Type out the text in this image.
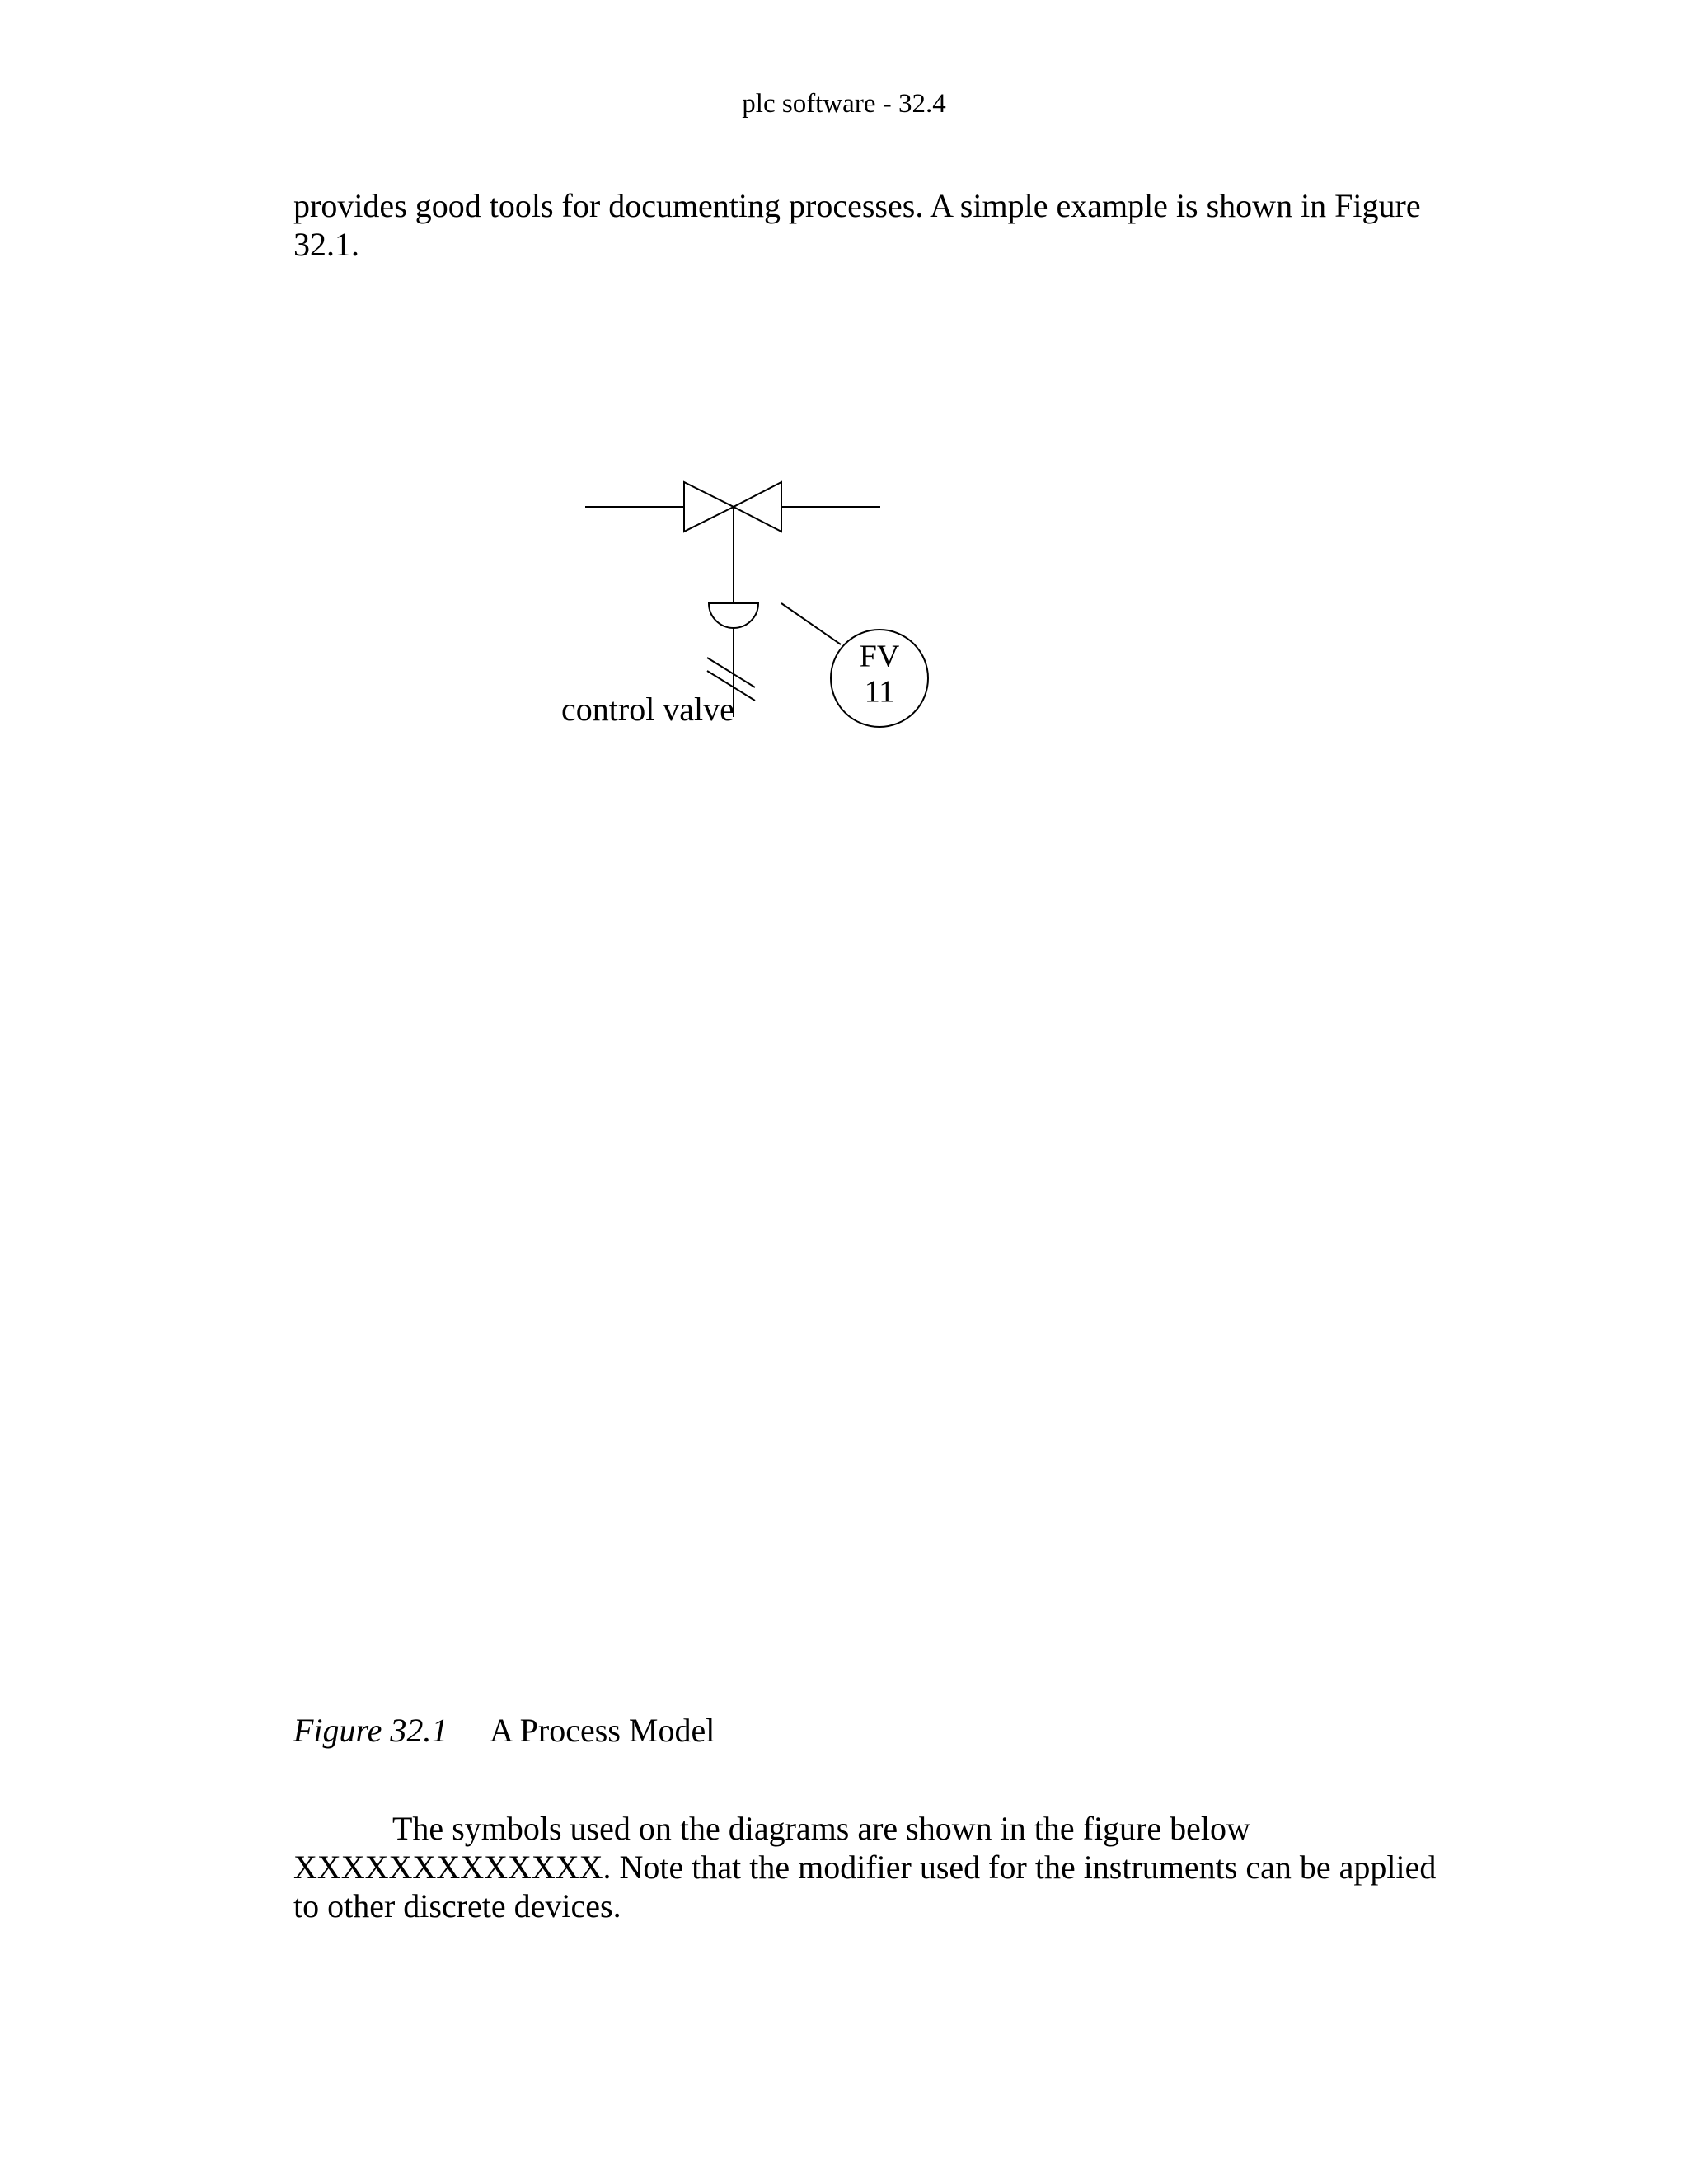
plc software - 32.4

provides good tools for documenting processes. A simple example is shown in Figure 32.1.

FV
11
control valve
Figure 32.1 A Process Model

The symbols used on the diagrams are shown in the figure below XXXXXXXXXXXXX. Note that the modifier used for the instruments can be applied to other discrete devices.
